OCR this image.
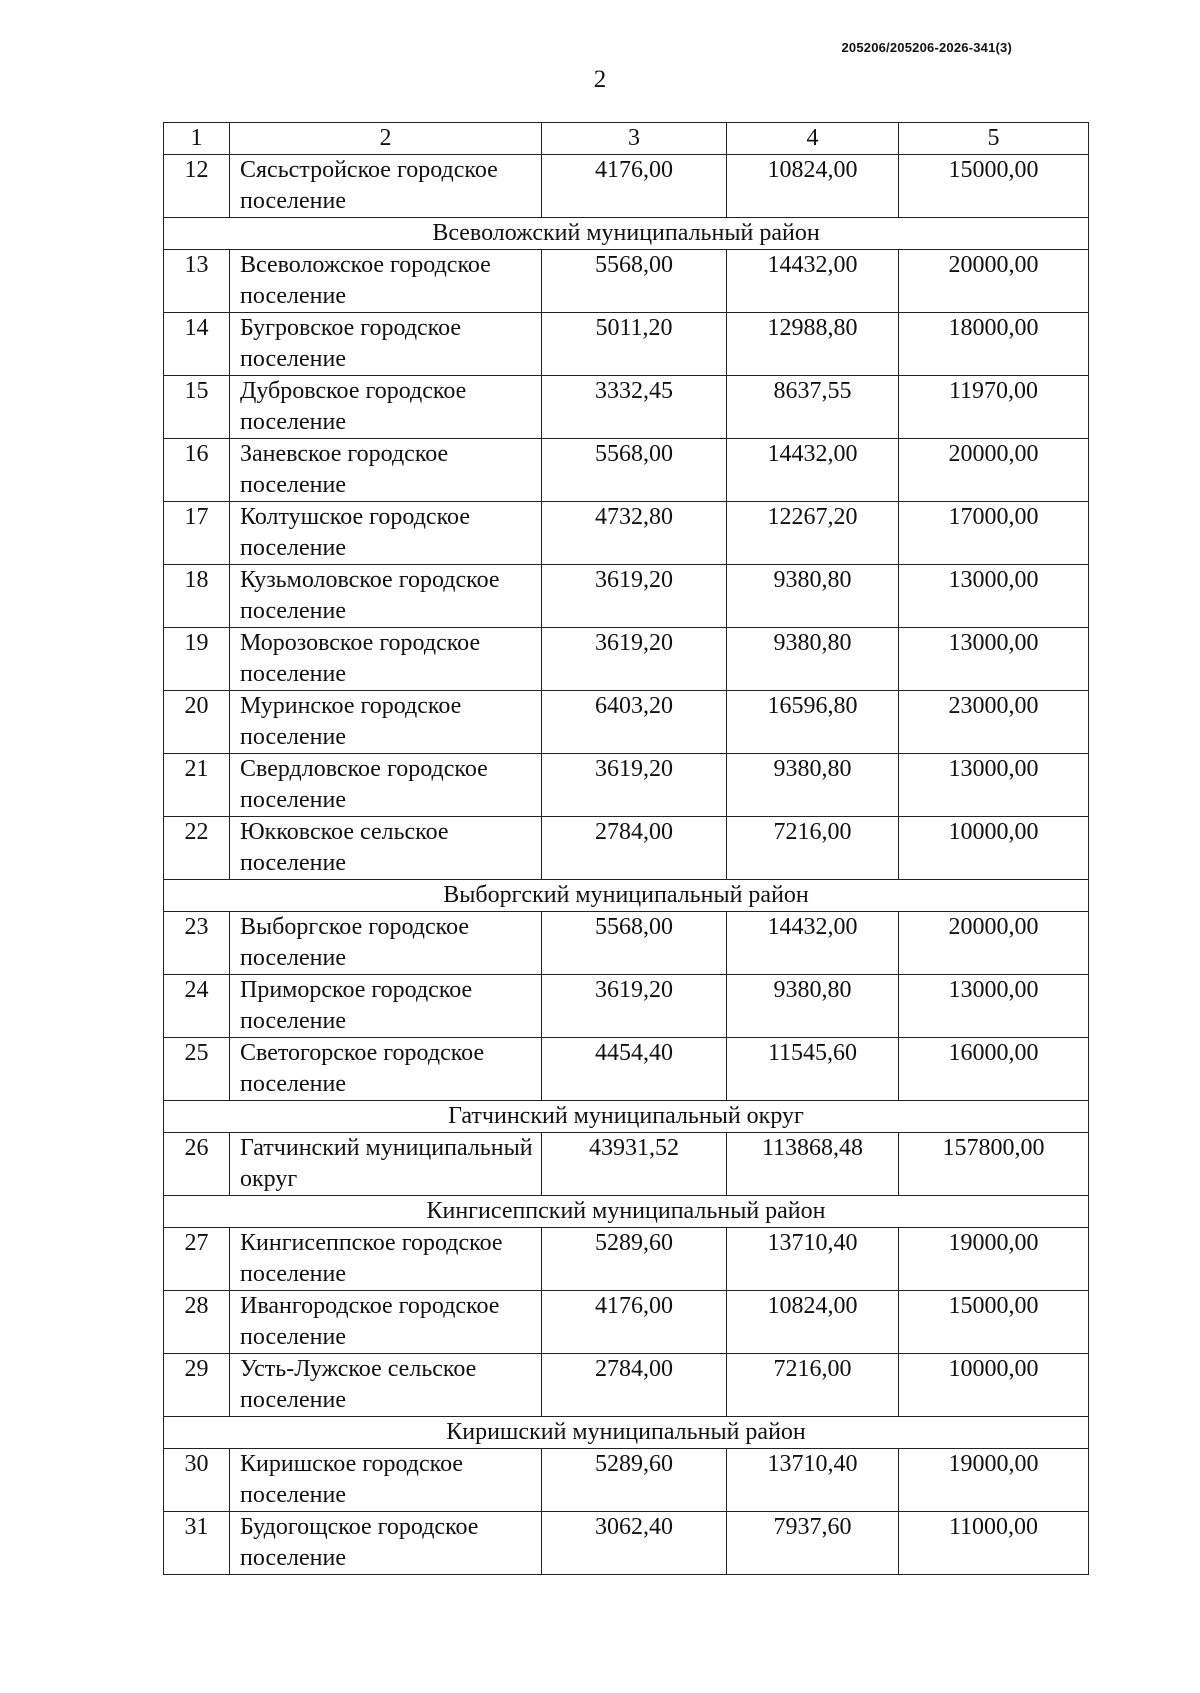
205206/205206-2026-341(3)
2
1	2	3	4	5
12	Сясьстройское городское поселение	4176,00	10824,00	15000,00
Всеволожский муниципальный район				
13	Всеволожское городское поселение	5568,00	14432,00	20000,00
14	Бугровское городское поселение	5011,20	12988,80	18000,00
15	Дубровское городское поселение	3332,45	8637,55	11970,00
16	Заневское городское поселение	5568,00	14432,00	20000,00
17	Колтушское городское поселение	4732,80	12267,20	17000,00
18	Кузьмоловское городское поселение	3619,20	9380,80	13000,00
19	Морозовское городское поселение	3619,20	9380,80	13000,00
20	Муринское городское поселение	6403,20	16596,80	23000,00
21	Свердловское городское поселение	3619,20	9380,80	13000,00
22	Юкковское сельское поселение	2784,00	7216,00	10000,00
Выборгский муниципальный район				
23	Выборгское городское поселение	5568,00	14432,00	20000,00
24	Приморское городское поселение	3619,20	9380,80	13000,00
25	Светогорское городское поселение	4454,40	11545,60	16000,00
Гатчинский муниципальный округ				
26	Гатчинский муниципальный округ	43931,52	113868,48	157800,00
Кингисеппский муниципальный район				
27	Кингисеппское городское поселение	5289,60	13710,40	19000,00
28	Ивангородское городское поселение	4176,00	10824,00	15000,00
29	Усть-Лужское сельское поселение	2784,00	7216,00	10000,00
Киришский муниципальный район				
30	Киришское городское поселение	5289,60	13710,40	19000,00
31	Будогощское городское поселение	3062,40	7937,60	11000,00
